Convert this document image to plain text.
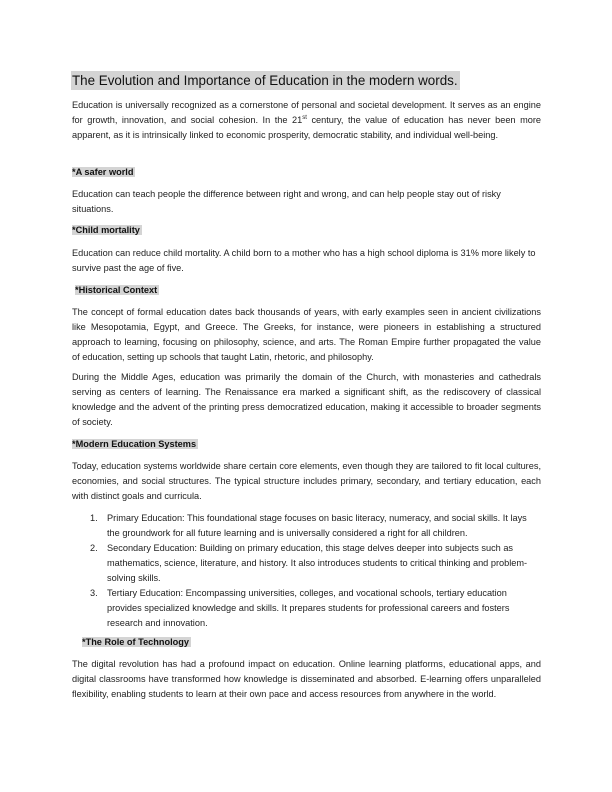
The Evolution and Importance of Education in the modern words.

Education is universally recognized as a cornerstone of personal and societal development. It serves as an engine for growth, innovation, and social cohesion. In the 21st century, the value of education has never been more apparent, as it is intrinsically linked to economic prosperity, democratic stability, and individual well-being.

*A safer world

Education can teach people the difference between right and wrong, and can help people stay out of risky situations.

*Child mortality

Education can reduce child mortality. A child born to a mother who has a high school diploma is 31% more likely to survive past the age of five.

*Historical Context

The concept of formal education dates back thousands of years, with early examples seen in ancient civilizations like Mesopotamia, Egypt, and Greece. The Greeks, for instance, were pioneers in establishing a structured approach to learning, focusing on philosophy, science, and arts. The Roman Empire further propagated the value of education, setting up schools that taught Latin, rhetoric, and philosophy.

During the Middle Ages, education was primarily the domain of the Church, with monasteries and cathedrals serving as centers of learning. The Renaissance era marked a significant shift, as the rediscovery of classical knowledge and the advent of the printing press democratized education, making it accessible to broader segments of society.

*Modern Education Systems

Today, education systems worldwide share certain core elements, even though they are tailored to fit local cultures, economies, and social structures. The typical structure includes primary, secondary, and tertiary education, each with distinct goals and curricula.

1. Primary Education: This foundational stage focuses on basic literacy, numeracy, and social skills. It lays the groundwork for all future learning and is universally considered a right for all children.
2. Secondary Education: Building on primary education, this stage delves deeper into subjects such as mathematics, science, literature, and history. It also introduces students to critical thinking and problem-solving skills.
3. Tertiary Education: Encompassing universities, colleges, and vocational schools, tertiary education provides specialized knowledge and skills. It prepares students for professional careers and fosters research and innovation.
*The Role of Technology

The digital revolution has had a profound impact on education. Online learning platforms, educational apps, and digital classrooms have transformed how knowledge is disseminated and absorbed. E-learning offers unparalleled flexibility, enabling students to learn at their own pace and access resources from anywhere in the world.
